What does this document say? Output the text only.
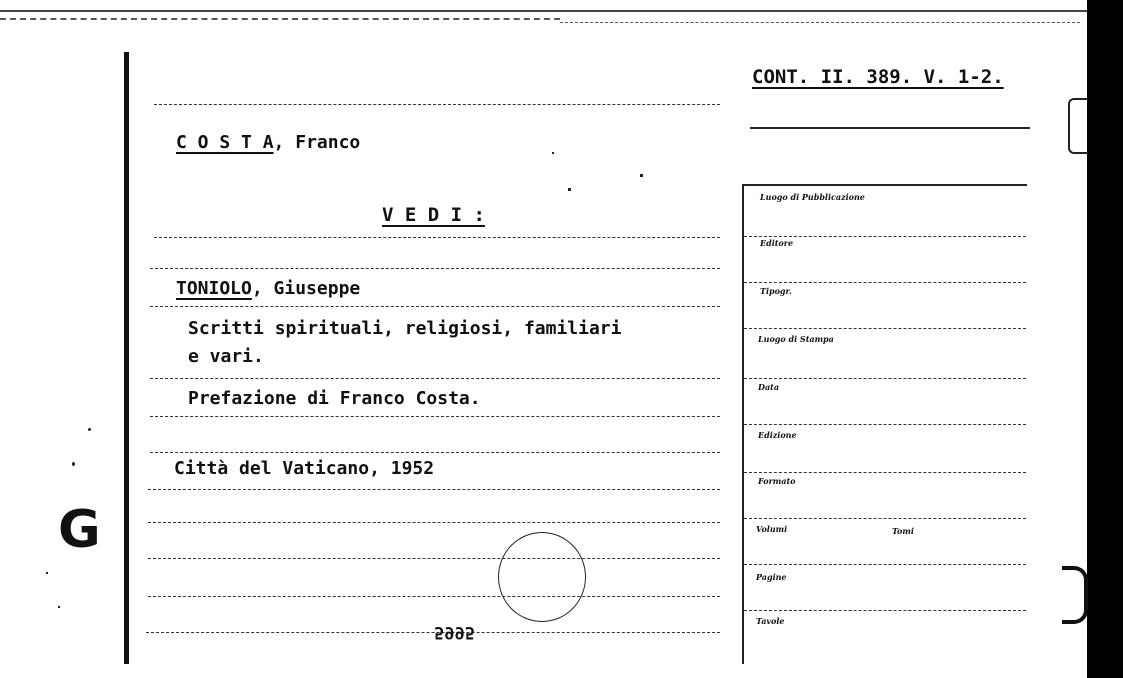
G
CONT. II. 389. V. 1-2.
C O S T A, Franco
V E D I :
TONIOLO, Giuseppe
Scritti spirituali, religiosi, familiari
e vari.
Prefazione di Franco Costa.
Città del Vaticano, 1952
5995
Luogo di Pubblicazione
Editore
Tipogr.
Luogo di Stampa
Data
Edizione
Formato
Volumi	Tomi
Pagine
Tavole
